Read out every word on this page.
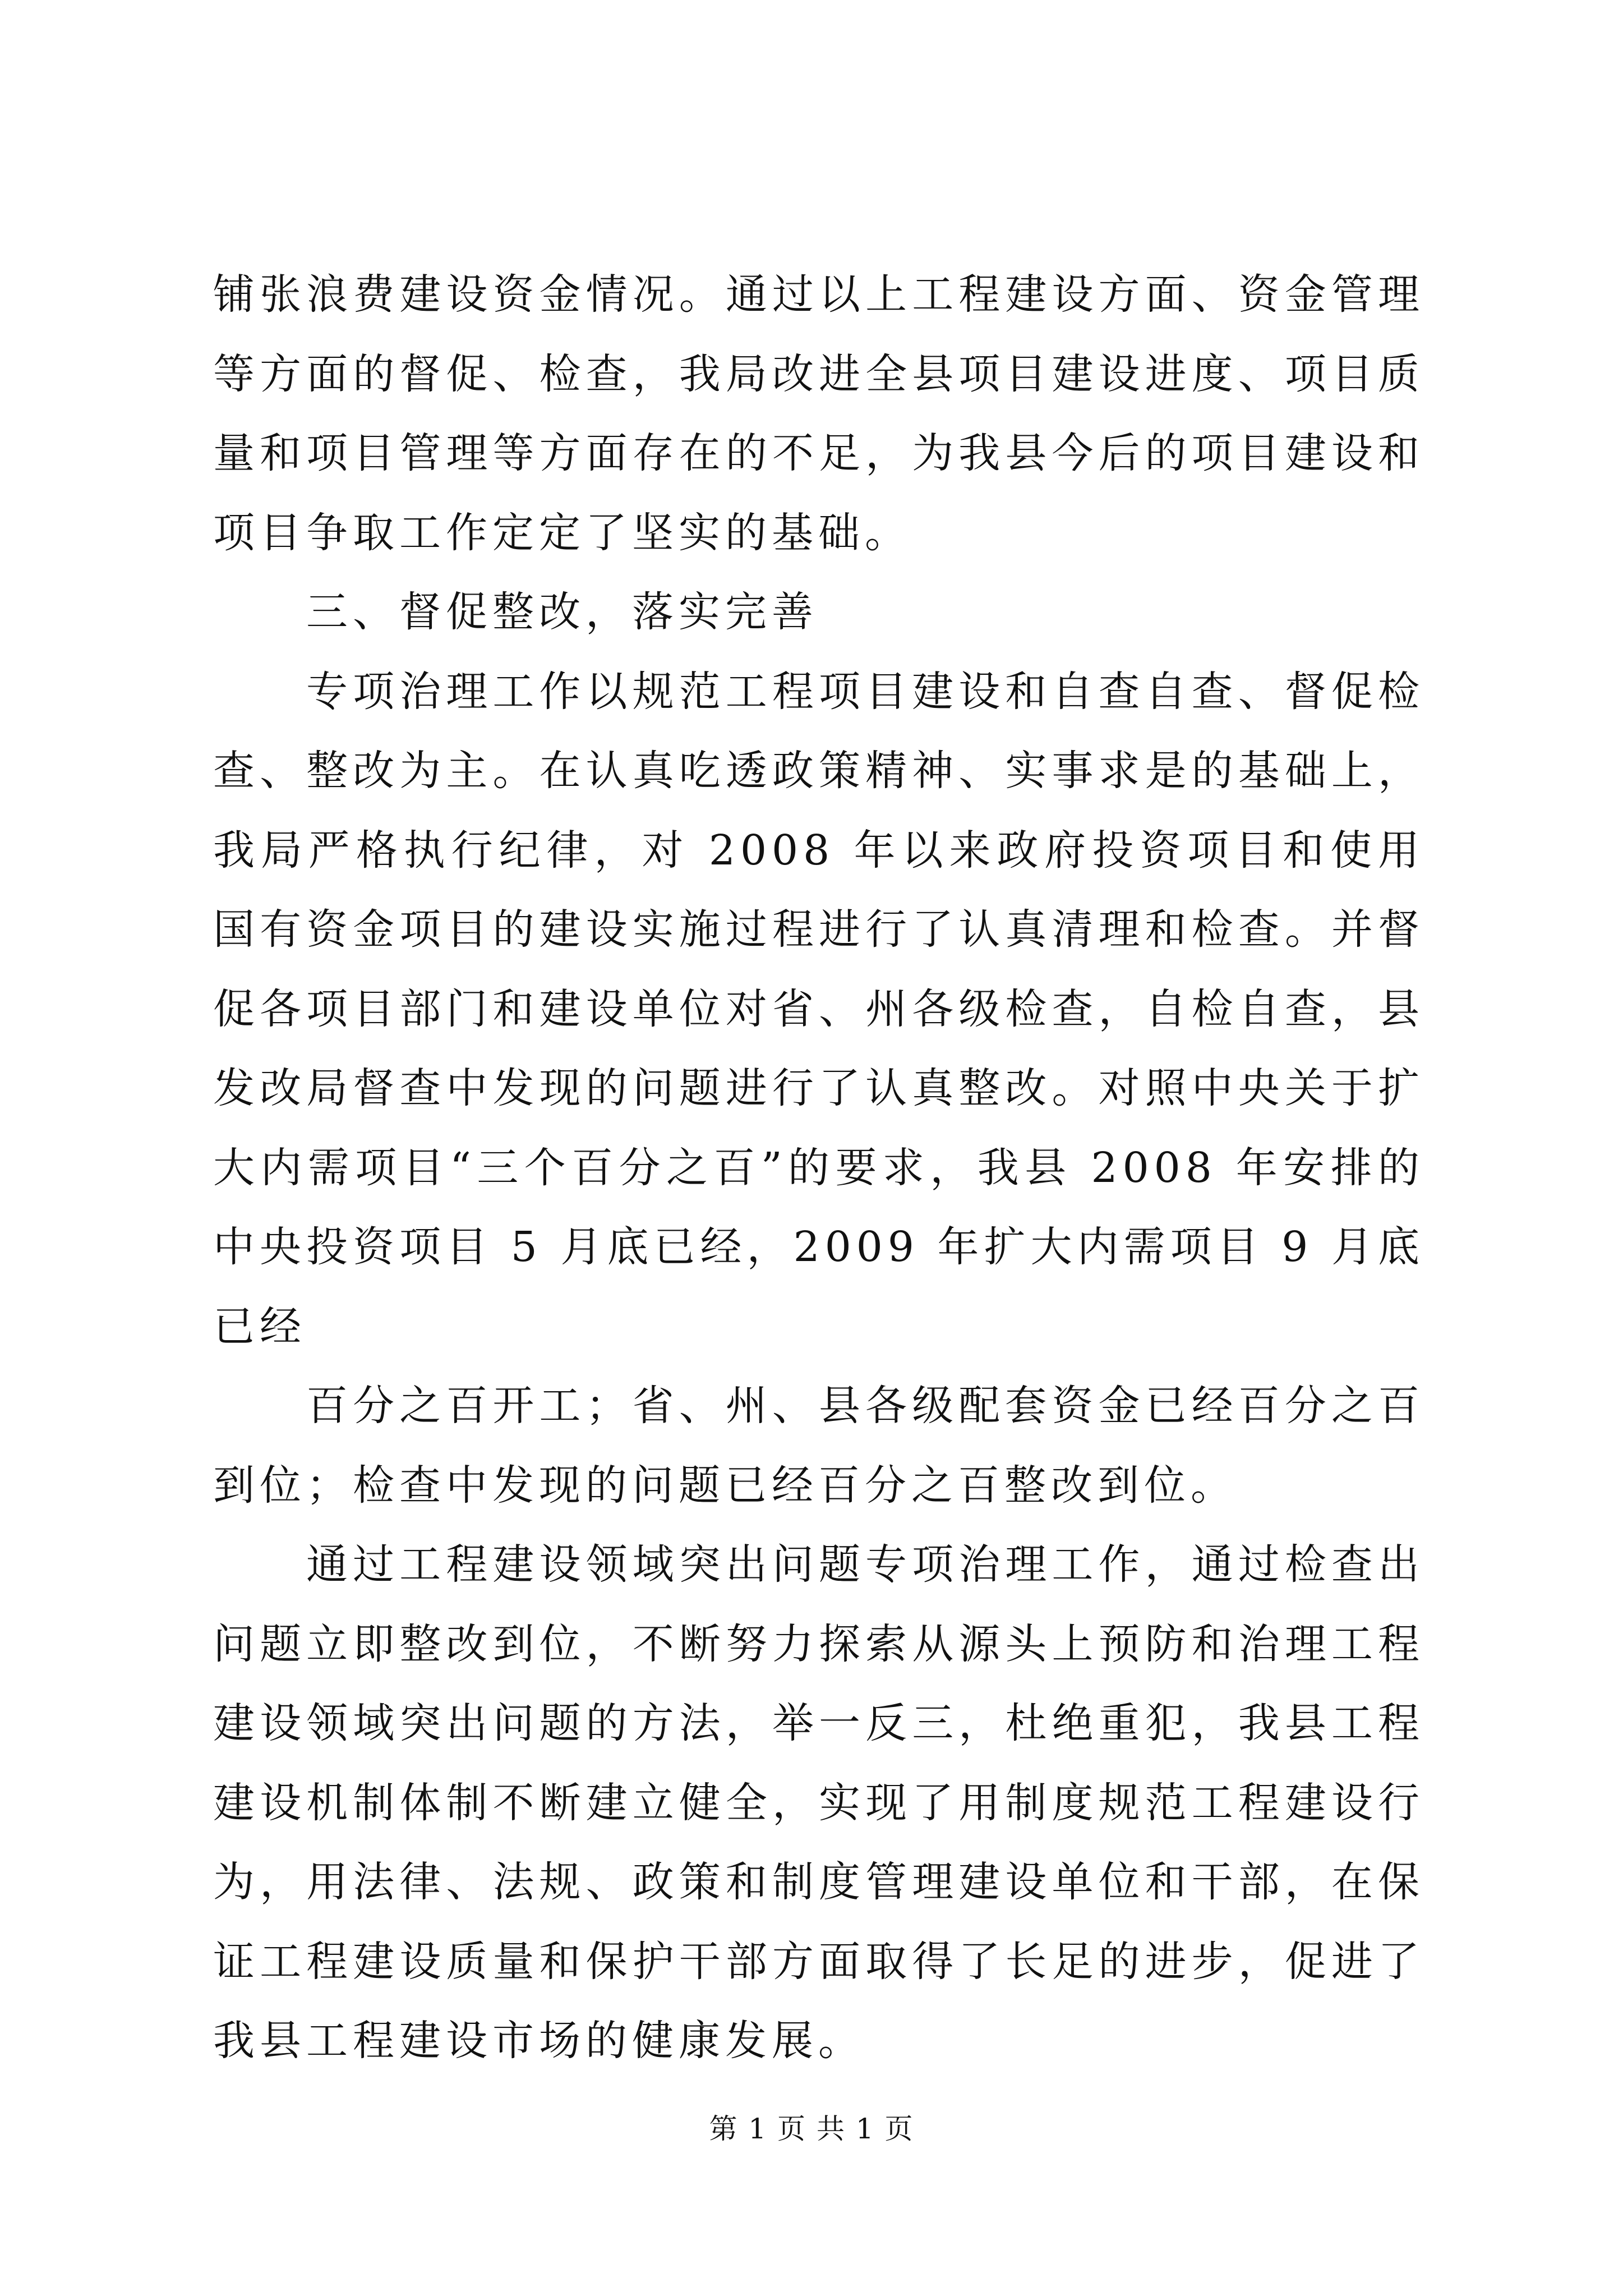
铺张浪费建设资金情况。通过以上工程建设方面、资金管理等方面的督促、检查，我局改进全县项目建设进度、项目质量和项目管理等方面存在的不足，为我县今后的项目建设和项目争取工作定定了坚实的基础。

三、督促整改，落实完善

专项治理工作以规范工程项目建设和自查自查、督促检查、整改为主。在认真吃透政策精神、实事求是的基础上，我局严格执行纪律，对 2008 年以来政府投资项目和使用国有资金项目的建设实施过程进行了认真清理和检查。并督促各项目部门和建设单位对省、州各级检查，自检自查，县发改局督查中发现的问题进行了认真整改。对照中央关于扩大内需项目“三个百分之百”的要求，我县 2008 年安排的中央投资项目 5 月底已经，2009 年扩大内需项目 9 月底已经

百分之百开工；省、州、县各级配套资金已经百分之百到位；检查中发现的问题已经百分之百整改到位。

通过工程建设领域突出问题专项治理工作，通过检查出问题立即整改到位，不断努力探索从源头上预防和治理工程建设领域突出问题的方法，举一反三，杜绝重犯，我县工程建设机制体制不断建立健全，实现了用制度规范工程建设行为，用法律、法规、政策和制度管理建设单位和干部，在保证工程建设质量和保护干部方面取得了长足的进步，促进了我县工程建设市场的健康发展。

第 1 页 共 1 页
